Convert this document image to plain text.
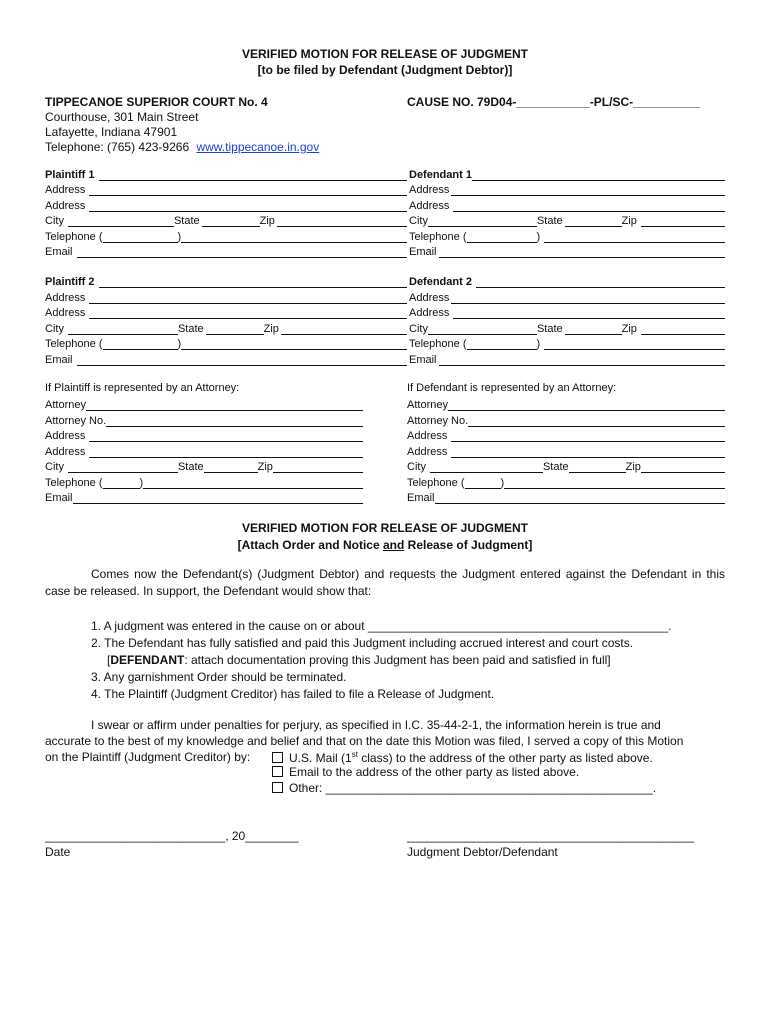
VERIFIED MOTION FOR RELEASE OF JUDGMENT
[to be filed by Defendant (Judgment Debtor)]
TIPPECANOE SUPERIOR COURT No. 4
Courthouse, 301 Main Street
Lafayette, Indiana 47901
Telephone: (765) 423-9266 www.tippecanoe.in.gov
CAUSE NO. 79D04-___________-PL/SC-__________
Plaintiff 1
Address
Address
City	State	Zip
Telephone (	)
Email
Defendant 1
Address
Address
City	State	Zip
Telephone (	)
Email
Plaintiff 2
Address
Address
City	State	Zip
Telephone (	)
Email
Defendant 2
Address
Address
City	State	Zip
Telephone (	)
Email
If Plaintiff is represented by an Attorney:	If Defendant is represented by an Attorney:
Attorney
Attorney No.
Address
Address
City	State	Zip
Telephone (	)
Email
Attorney
Attorney No.
Address
Address
City	State	Zip
Telephone (	)
Email
VERIFIED MOTION FOR RELEASE OF JUDGMENT
[Attach Order and Notice and Release of Judgment]
Comes now the Defendant(s) (Judgment Debtor) and requests the Judgment entered against the Defendant in this case be released. In support, the Defendant would show that:
1. A judgment was entered in the cause on or about _____________________________________________.
2. The Defendant has fully satisfied and paid this Judgment including accrued interest and court costs.
[DEFENDANT: attach documentation proving this Judgment has been paid and satisfied in full]
3. Any garnishment Order should be terminated.
4. The Plaintiff (Judgment Creditor) has failed to file a Release of Judgment.
I swear or affirm under penalties for perjury, as specified in I.C. 35-44-2-1, the information herein is true and
accurate to the best of my knowledge and belief and that on the date this Motion was filed, I served a copy of this Motion
on the Plaintiff (Judgment Creditor) by:	U.S. Mail (1st class) to the address of the other party as listed above.
Email to the address of the other party as listed above.
Other: _________________________________________________.
___________________________, 20________
Date
___________________________________________
Judgment Debtor/Defendant
